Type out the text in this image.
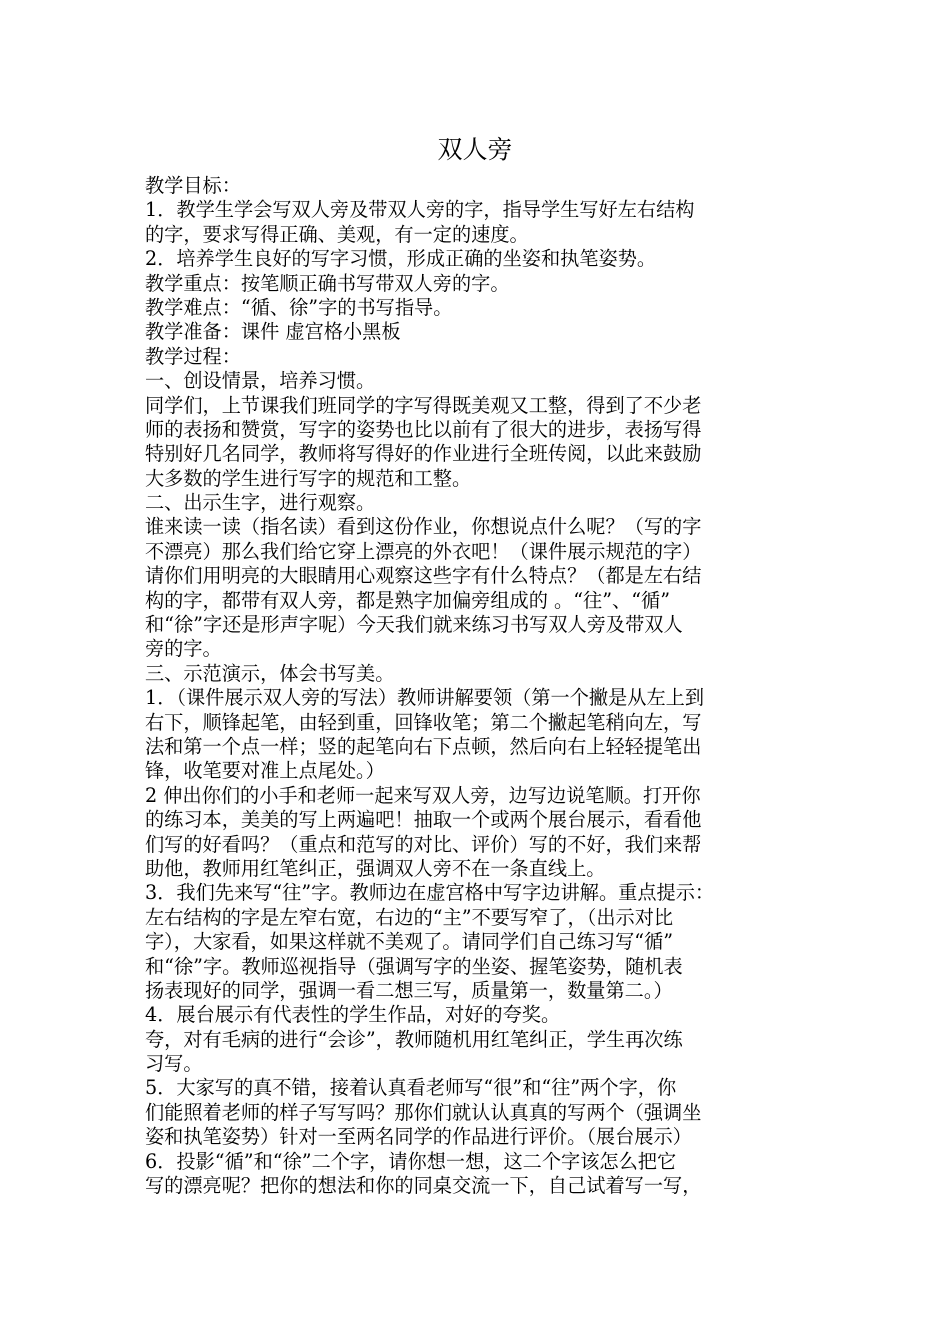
双人旁
教学目标：
1．教学生学会写双人旁及带双人旁的字，指导学生写好左右结构
的字，要求写得正确、美观，有一定的速度。
2．培养学生良好的写字习惯，形成正确的坐姿和执笔姿势。
教学重点：按笔顺正确书写带双人旁的字。
教学难点：“循、徐”字的书写指导。
教学准备：课件 虚宫格小黑板
教学过程：
一、创设情景，培养习惯。
同学们，上节课我们班同学的字写得既美观又工整，得到了不少老
师的表扬和赞赏，写字的姿势也比以前有了很大的进步，表扬写得
特别好几名同学，教师将写得好的作业进行全班传阅，以此来鼓励
大多数的学生进行写字的规范和工整。
二、出示生字，进行观察。
谁来读一读（指名读）看到这份作业，你想说点什么呢？（写的字
不漂亮）那么我们给它穿上漂亮的外衣吧！（课件展示规范的字）
请你们用明亮的大眼睛用心观察这些字有什么特点？（都是左右结
构的字，都带有双人旁，都是熟字加偏旁组成的 。“往”、“循”
和“徐”字还是形声字呢）今天我们就来练习书写双人旁及带双人
旁的字。
三、示范演示，体会书写美。
1．（课件展示双人旁的写法）教师讲解要领（第一个撇是从左上到
右下，顺锋起笔，由轻到重，回锋收笔；第二个撇起笔稍向左，写
法和第一个点一样；竖的起笔向右下点顿，然后向右上轻轻提笔出
锋，收笔要对准上点尾处。）
2 伸出你们的小手和老师一起来写双人旁，边写边说笔顺。打开你
的练习本，美美的写上两遍吧！抽取一个或两个展台展示，看看他
们写的好看吗？（重点和范写的对比、评价）写的不好，我们来帮
助他，教师用红笔纠正，强调双人旁不在一条直线上。
3．我们先来写“往”字。教师边在虚宫格中写字边讲解。重点提示：
左右结构的字是左窄右宽，右边的“主”不要写窄了，（出示对比
字），大家看，如果这样就不美观了。请同学们自己练习写“循”
和“徐”字。教师巡视指导（强调写字的坐姿、握笔姿势，随机表
扬表现好的同学，强调一看二想三写，质量第一，数量第二。）
4．展台展示有代表性的学生作品，对好的夸奖。
夸，对有毛病的进行“会诊”，教师随机用红笔纠正，学生再次练
习写。
5．大家写的真不错，接着认真看老师写“很”和“往”两个字，你
们能照着老师的样子写写吗？那你们就认认真真的写两个（强调坐
姿和执笔姿势）针对一至两名同学的作品进行评价。（展台展示）
6．投影“循”和“徐”二个字，请你想一想，这二个字该怎么把它
写的漂亮呢？把你的想法和你的同桌交流一下，自己试着写一写，
